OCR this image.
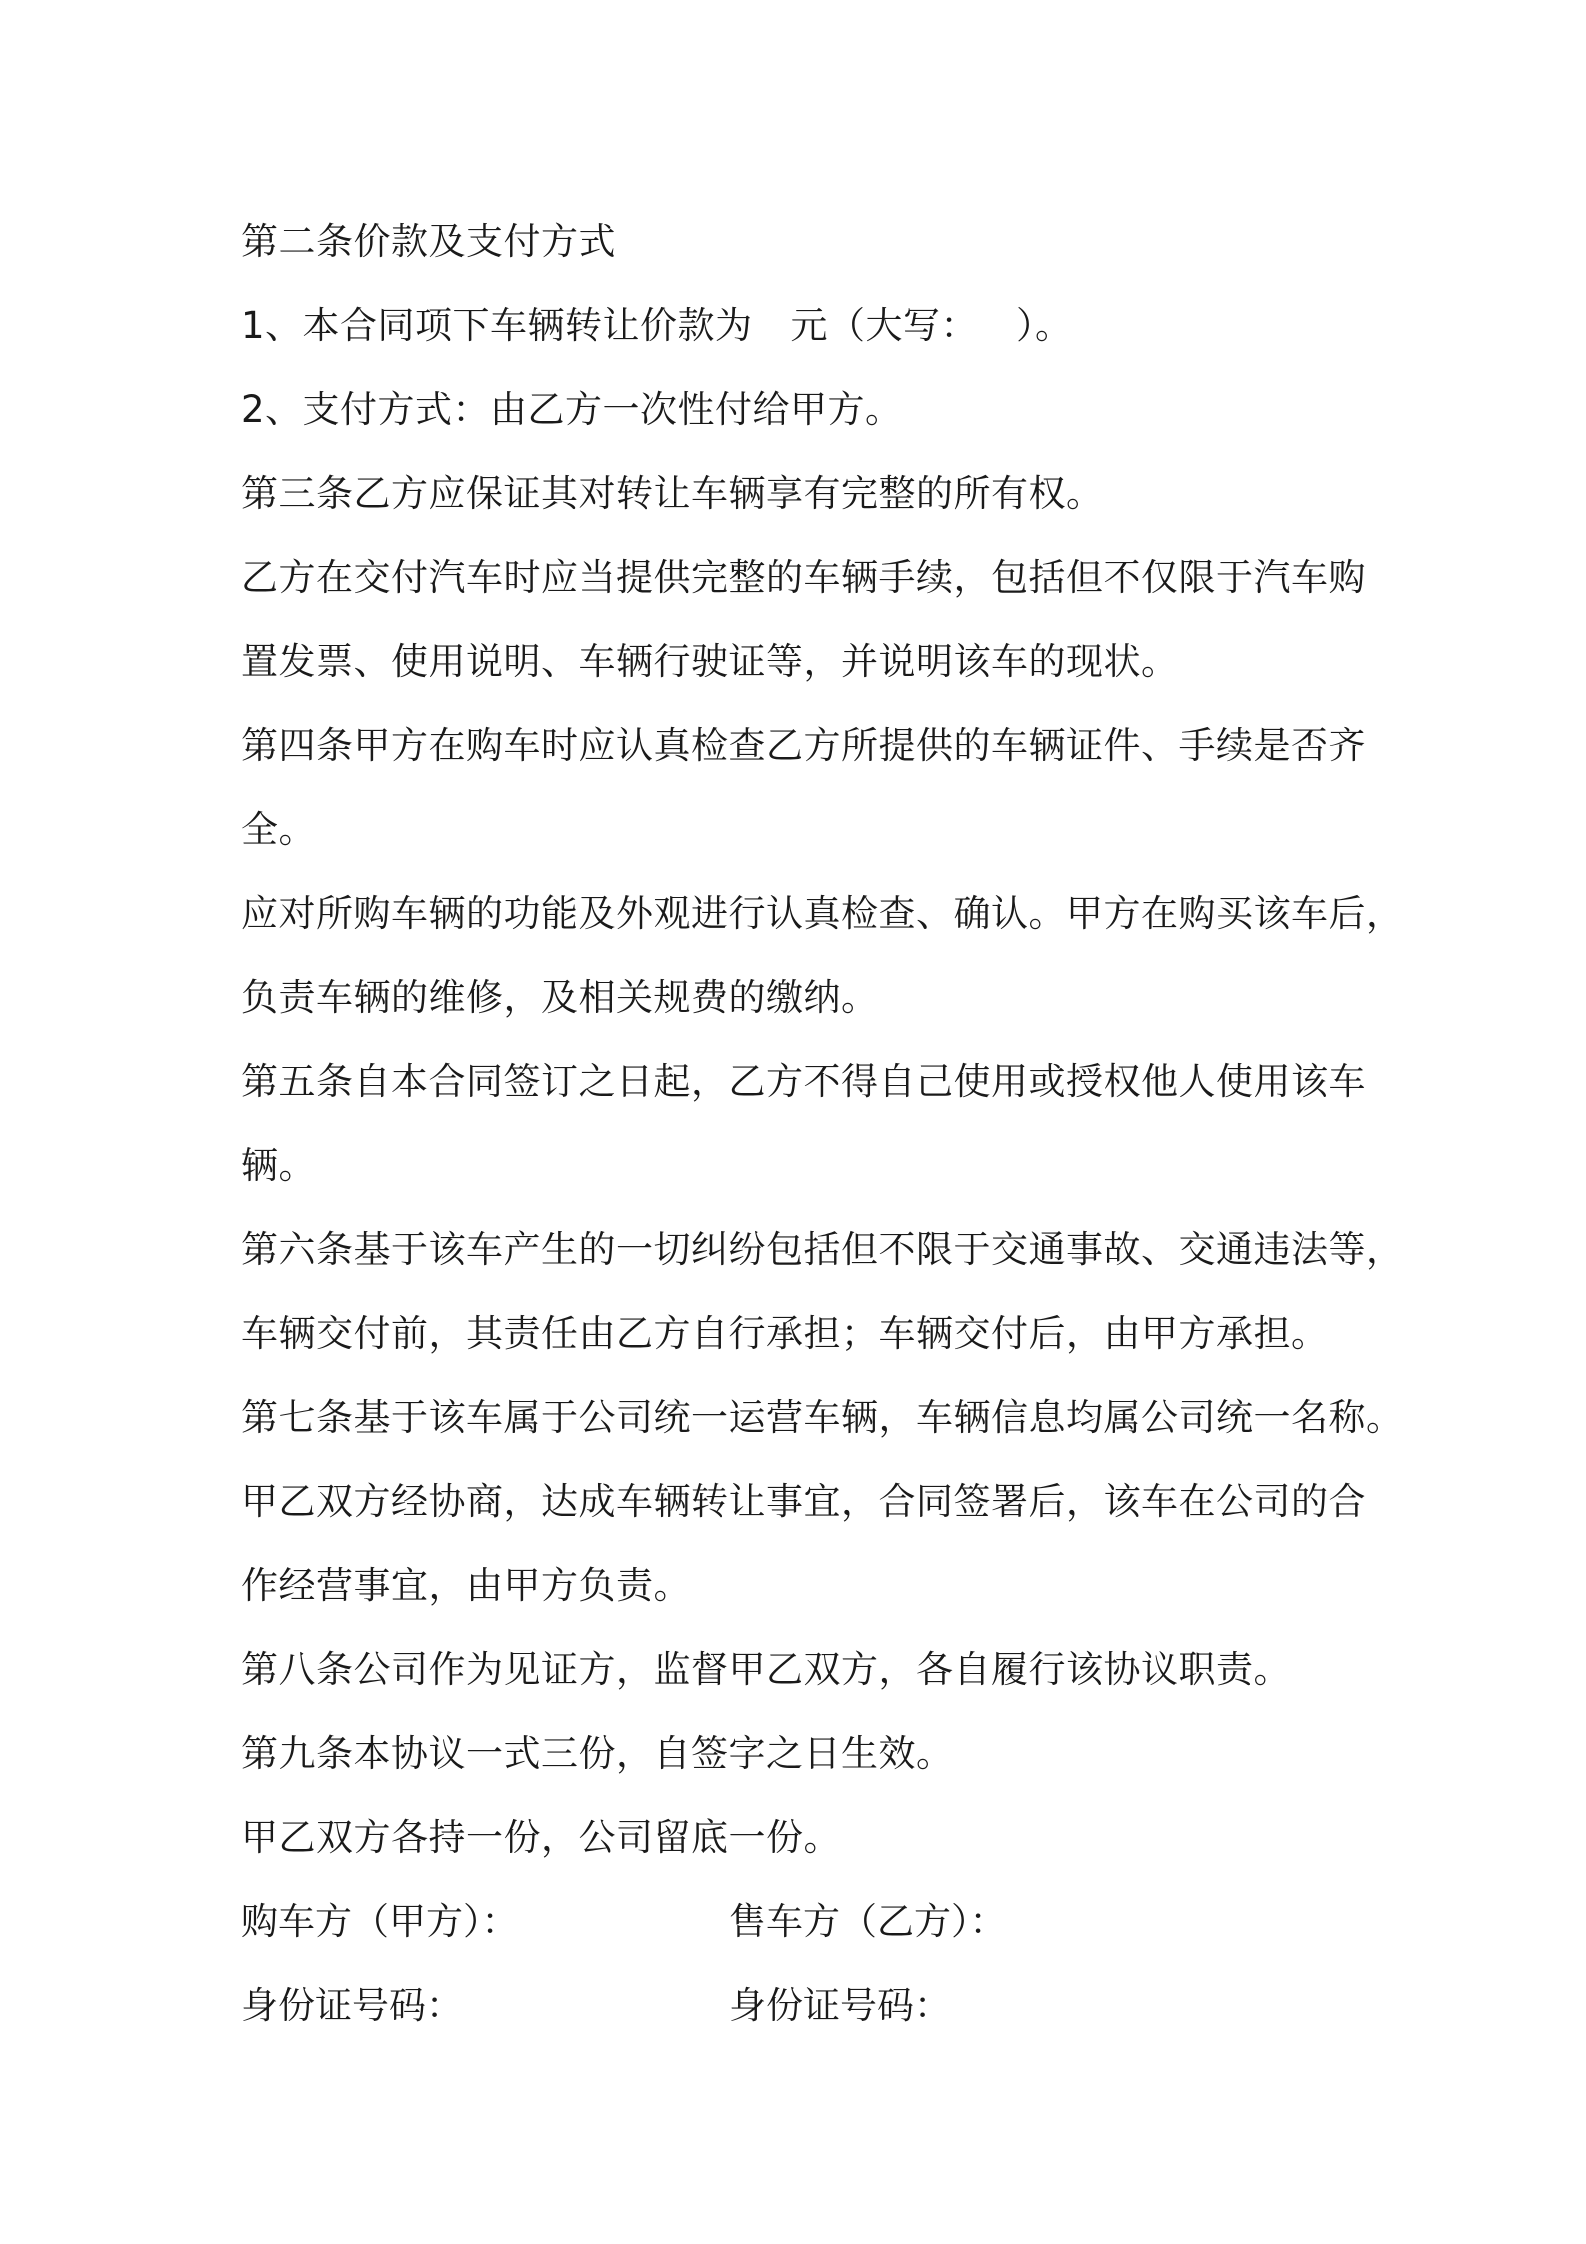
第二条价款及支付方式
1、本合同项下车辆转让价款为 元（大写： ）。
2、支付方式：由乙方一次性付给甲方。
第三条乙方应保证其对转让车辆享有完整的所有权。
乙方在交付汽车时应当提供完整的车辆手续，包括但不仅限于汽车购
置发票、使用说明、车辆行驶证等，并说明该车的现状。
第四条甲方在购车时应认真检查乙方所提供的车辆证件、手续是否齐
全。
应对所购车辆的功能及外观进行认真检查、确认。甲方在购买该车后，
负责车辆的维修，及相关规费的缴纳。
第五条自本合同签订之日起，乙方不得自己使用或授权他人使用该车
辆。
第六条基于该车产生的一切纠纷包括但不限于交通事故、交通违法等，
车辆交付前，其责任由乙方自行承担；车辆交付后，由甲方承担。
第七条基于该车属于公司统一运营车辆，车辆信息均属公司统一名称。
甲乙双方经协商，达成车辆转让事宜，合同签署后，该车在公司的合
作经营事宜，由甲方负责。
第八条公司作为见证方，监督甲乙双方，各自履行该协议职责。
第九条本协议一式三份，自签字之日生效。
甲乙双方各持一份，公司留底一份。
购车方（甲方）：	售车方（乙方）：
身份证号码：	身份证号码：
